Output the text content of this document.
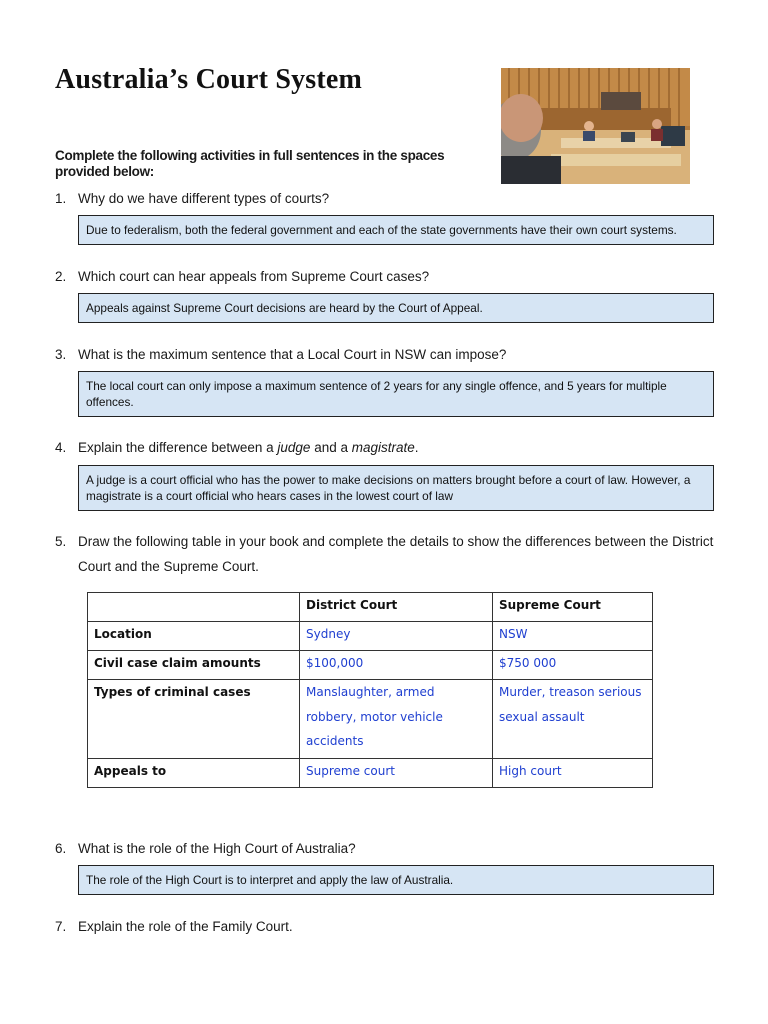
Australia’s Court System

Complete the following activities in full sentences in the spaces provided below:

1. Why do we have different types of courts?
Due to federalism, both the federal government and each of the state governments have their own court systems.
2. Which court can hear appeals from Supreme Court cases?
Appeals against Supreme Court decisions are heard by the Court of Appeal.
3. What is the maximum sentence that a Local Court in NSW can impose?
The local court can only impose a maximum sentence of 2 years for any single offence, and 5 years for multiple offences.
4. Explain the difference between a judge and a magistrate.
A judge is a court official who has the power to make decisions on matters brought before a court of law. However, a magistrate is a court official who hears cases in the lowest court of law
5. Draw the following table in your book and complete the details to show the differences between the District Court and the Supreme Court.
	District Court	Supreme Court
Location	Sydney	NSW
Civil case claim amounts	$100,000	$750 000
Types of criminal cases	Manslaughter, armed robbery, motor vehicle accidents	Murder, treason serious sexual assault
Appeals to	Supreme court	High court
6. What is the role of the High Court of Australia?
The role of the High Court is to interpret and apply the law of Australia.
7. Explain the role of the Family Court.
